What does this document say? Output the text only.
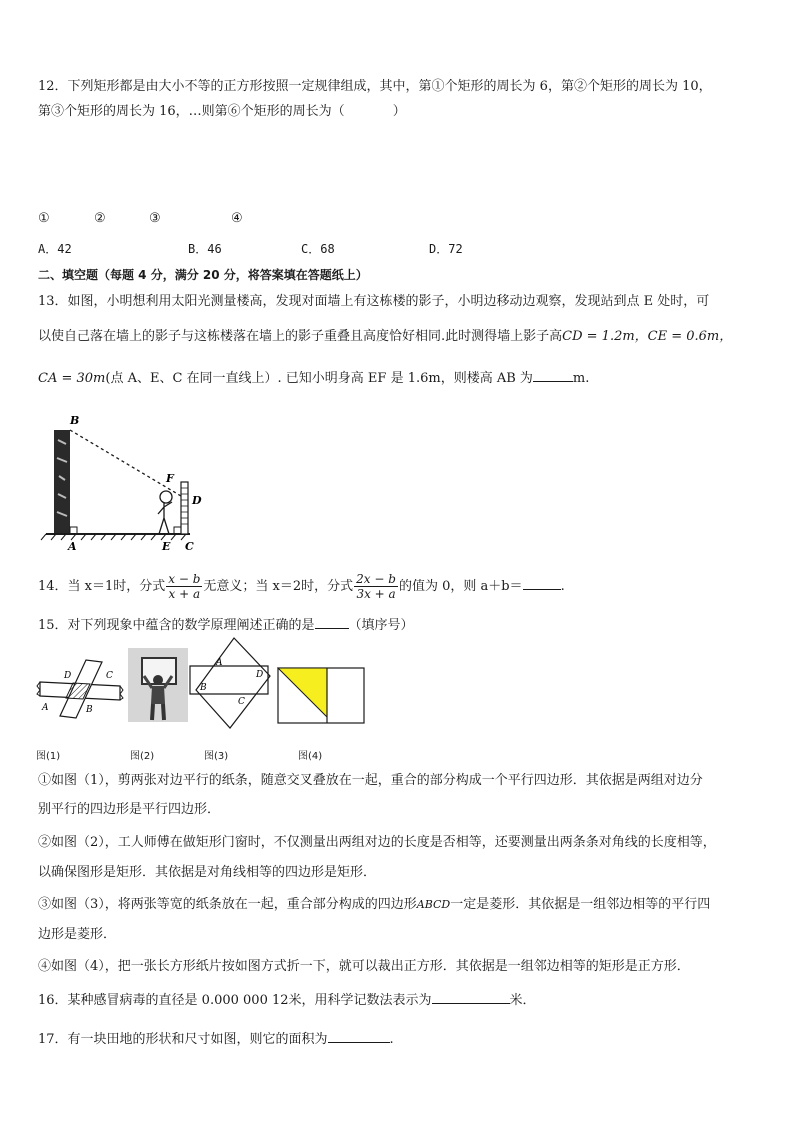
12．下列矩形都是由大小不等的正方形按照一定规律组成，其中，第①个矩形的周长为 6，第②个矩形的周长为 10，
第③个矩形的周长为 16，…则第⑥个矩形的周长为（	）
①	②	③	④
A．42	B．46	C．68	D．72
二、填空题（每题 4 分，满分 20 分，将答案填在答题纸上）
13．如图，小明想利用太阳光测量楼高，发现对面墙上有这栋楼的影子，小明边移动边观察，发现站到点 E 处时，可
以使自己落在墙上的影子与这栋楼落在墙上的影子重叠且高度恰好相同.此时测得墙上影子高CD = 1.2m，CE = 0.6m，
CA = 30m(点 A、E、C 在同一直线上）. 已知小明身高 EF 是 1.6m，则楼高 AB 为	m.
B
F
D
A	E C
14．当 x＝1时，分式 $\frac{x - b}{x + a}$ 无意义；当 x＝2时，分式 $\frac{2x - b}{3x + a}$ 的值为 0，则 a＋b＝	.
15．对下列现象中蕴含的数学原理阐述正确的是	（填序号）
D	C
A	B
A
D
B
C
图(1)	图(2)	图(3)	图(4)
①如图（1），剪两张对边平行的纸条，随意交叉叠放在一起，重合的部分构成一个平行四边形．其依据是两组对边分
别平行的四边形是平行四边形．
②如图（2），工人师傅在做矩形门窗时，不仅测量出两组对边的长度是否相等，还要测量出两条条对角线的长度相等，
以确保图形是矩形．其依据是对角线相等的四边形是矩形．
③如图（3），将两张等宽的纸条放在一起，重合部分构成的四边形ABCD一定是菱形．其依据是一组邻边相等的平行四
边形是菱形．
④如图（4），把一张长方形纸片按如图方式折一下，就可以裁出正方形．其依据是一组邻边相等的矩形是正方形．
16．某种感冒病毒的直径是 0.000 000 12米，用科学记数法表示为	米．
17．有一块田地的形状和尺寸如图，则它的面积为	.
